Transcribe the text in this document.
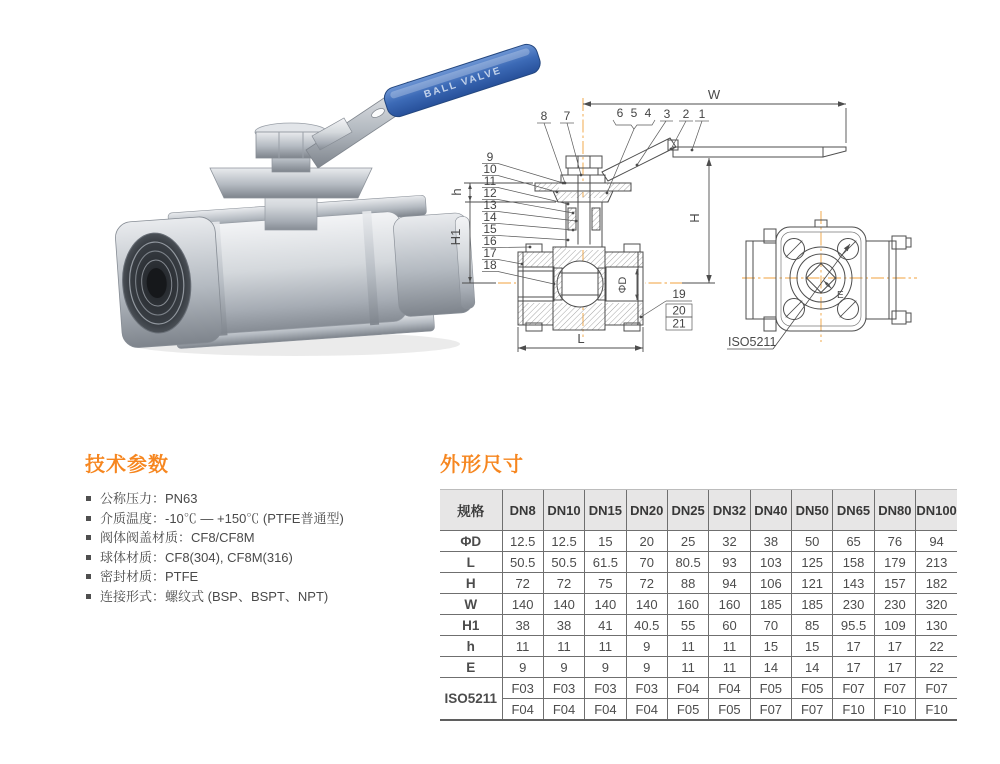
BALL VALVE	W
H
h
H1
L
ΦD
8 7	6 5 4 3 2 1
9
10
11
12
13
14
15
16
17
18
19
20
21
ISO5211
E
技术参数
公称压力：PN63
介质温度：-10℃ — +150℃ (PTFE普通型)
阀体阀盖材质：CF8/CF8M
球体材质：CF8(304), CF8M(316)
密封材质：PTFE
连接形式：螺纹式 (BSP、BSPT、NPT)
外形尺寸
规格	DN8	DN10	DN15	DN20	DN25	DN32	DN40	DN50	DN65	DN80	DN100
ΦD	12.5	12.5	15	20	25	32	38	50	65	76	94
L	50.5	50.5	61.5	70	80.5	93	103	125	158	179	213
H	72	72	75	72	88	94	106	121	143	157	182
W	140	140	140	140	160	160	185	185	230	230	320
H1	38	38	41	40.5	55	60	70	85	95.5	109	130
h	11	11	11	9	11	11	15	15	17	17	22
E	9	9	9	9	11	11	14	14	17	17	22
ISO5211	F03	F03	F03	F03	F04	F04	F05	F05	F07	F07	F07
	F04	F04	F04	F04	F05	F05	F07	F07	F10	F10	F10
